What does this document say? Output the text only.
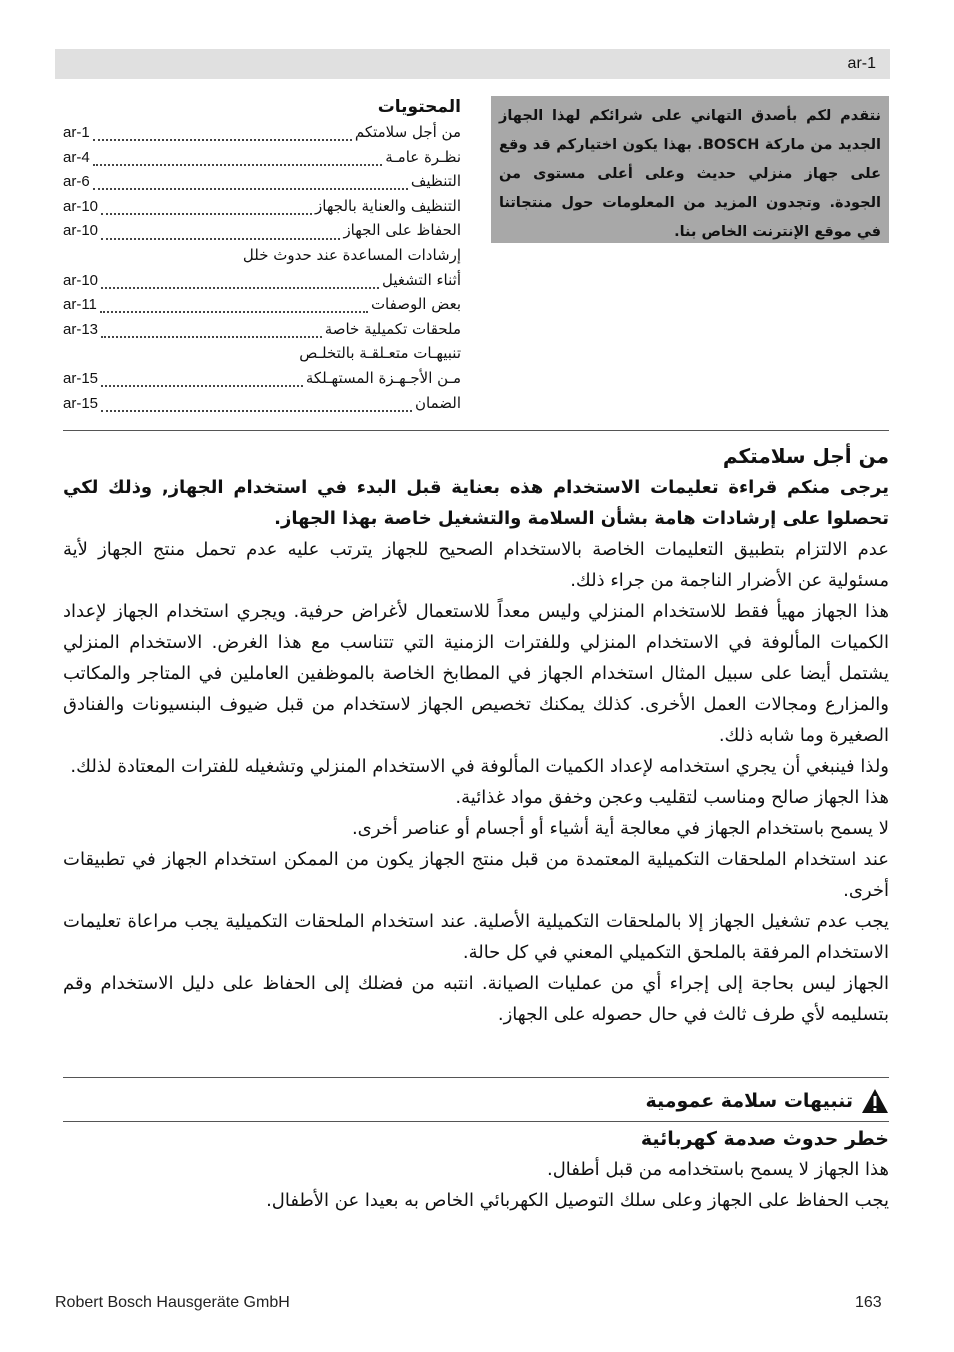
ar-1
نتقدم لكم بأصدق التهاني على شرائكم لهذا الجهاز الجديد من ماركة BOSCH. بهذا يكون اختياركم قد وقع على جهاز منزلي حديث وعلى أعلى مستوى من الجودة. وتجدون المزيد من المعلومات حول منتجاتنا في موقع الإنترنت الخاص بنا.
المحتويات
من أجل سلامتكم
ar-1
نظـرة عامـة
ar-4
التنظيف
ar-6
التنظيف والعناية بالجهاز
ar-10
الحفاظ على الجهاز
ar-10
إرشادات المساعدة عند حدوث خلل
أثناء التشغيل
ar-10
بعض الوصفات
ar-11
ملحقات تكميلية خاصة
ar-13
تنبيهـات متعـلقـة بالتخلـص
مـن الأجـهـزة المستهـلكة
ar-15
الضمان
ar-15
من أجل سلامتكم

يرجى منكم قراءة تعليمات الاستخدام هذه بعناية قبل البدء في استخدام الجهاز, وذلك لكي تحصلوا على إرشادات هامة بشأن السلامة والتشغيل خاصة بهذا الجهاز.

عدم الالتزام بتطبيق التعليمات الخاصة بالاستخدام الصحيح للجهاز يترتب عليه عدم تحمل منتج الجهاز لأية مسئولية عن الأضرار الناجمة من جراء ذلك.

هذا الجهاز مهيأ فقط للاستخدام المنزلي وليس معداً للاستعمال لأغراض حرفية. ويجري استخدام الجهاز لإعداد الكميات المألوفة في الاستخدام المنزلي وللفترات الزمنية التي تتناسب مع هذا الغرض. الاستخدام المنزلي يشتمل أيضا على سبيل المثال استخدام الجهاز في المطابخ الخاصة بالموظفين العاملين في المتاجر والمكاتب والمزارع ومجالات العمل الأخرى. كذلك يمكنك تخصيص الجهاز لاستخدام من قبل ضيوف البنسيونات والفنادق الصغيرة وما شابه ذلك.

ولذا فينبغي أن يجري استخدامه لإعداد الكميات المألوفة في الاستخدام المنزلي وتشغيله للفترات المعتادة لذلك.

هذا الجهاز صالح ومناسب لتقليب وعجن وخفق مواد غذائية.

لا يسمح باستخدام الجهاز في معالجة أية أشياء أو أجسام أو عناصر أخرى.

عند استخدام الملحقات التكميلية المعتمدة من قبل منتج الجهاز يكون من الممكن استخدام الجهاز في تطبيقات أخرى.

يجب عدم تشغيل الجهاز إلا بالملحقات التكميلية الأصلية. عند استخدام الملحقات التكميلية يجب مراعاة تعليمات الاستخدام المرفقة بالملحق التكميلي المعني في كل حالة.

الجهاز ليس بحاجة إلى إجراء أي من عمليات الصيانة. انتبه من فضلك إلى الحفاظ على دليل الاستخدام وقم بتسليمه لأي طرف ثالث في حال حصوله على الجهاز.

تنبيهات سلامة عمومية
خطر حدوث صدمة كهربائية

هذا الجهاز لا يسمح باستخدامه من قبل أطفال.

يجب الحفاظ على الجهاز وعلى سلك التوصيل الكهربائي الخاص به بعيدا عن الأطفال.

Robert Bosch Hausgeräte GmbH	163
